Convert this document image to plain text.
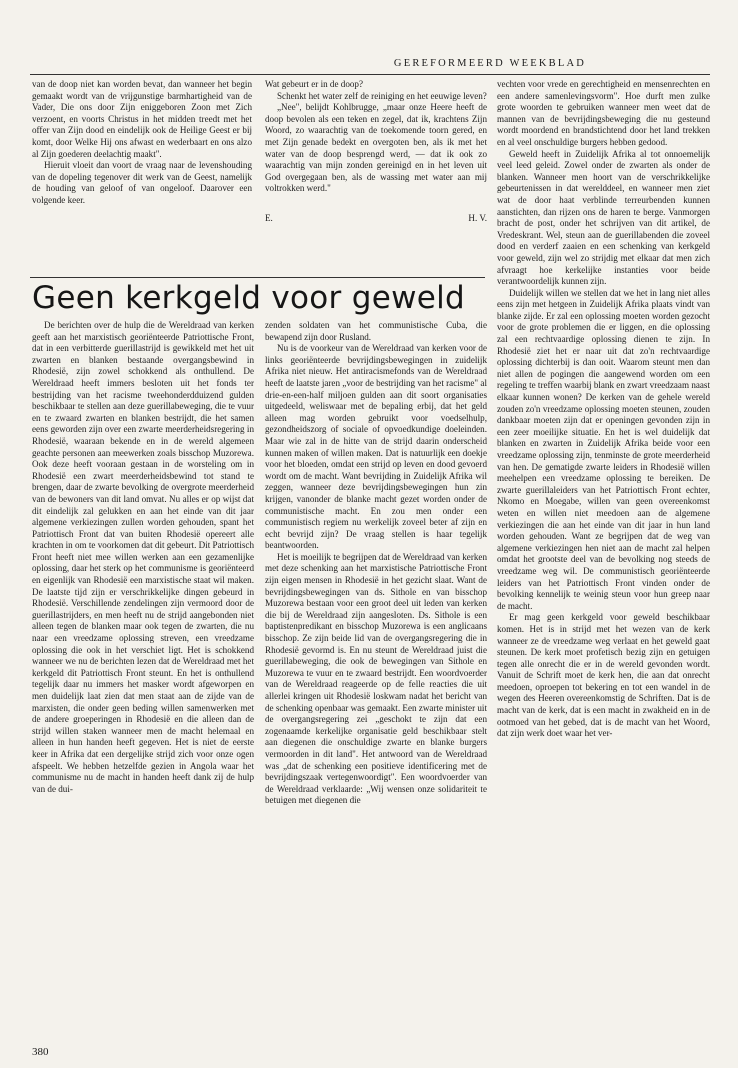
GEREFORMEERD WEEKBLAD

van de doop niet kan worden bevat, dan wanneer het begin gemaakt wordt van de vrijgunstige barmhartigheid van de Vader, Die ons door Zijn eniggeboren Zoon met Zich verzoent, en voorts Christus in het midden treedt met het offer van Zijn dood en eindelijk ook de Heilige Geest er bij komt, door Welke Hij ons afwast en wederbaart en ons alzo al Zijn goederen deelachtig maakt".

Hieruit vloeit dan voort de vraag naar de levenshouding van de dopeling tegenover dit werk van de Geest, namelijk de houding van geloof of van ongeloof. Daarover een volgende keer.

Wat gebeurt er in de doop?

Schenkt het water zelf de reiniging en het eeuwige leven?

„Nee", belijdt Kohlbrugge, „maar onze Heere heeft de doop bevolen als een teken en zegel, dat ik, krachtens Zijn Woord, zo waarachtig van de toekomende toorn gered, en met Zijn genade bedekt en overgoten ben, als ik met het water van de doop besprengd werd, — dat ik ook zo waarachtig van mijn zonden gereinigd en in het leven uit God overgegaan ben, als de wassing met water aan mij voltrokken werd."

E.	H. V.

Geen kerkgeld voor geweld

De berichten over de hulp die de Wereldraad van kerken geeft aan het marxistisch georiënteerde Patriottische Front, dat in een verbitterde guerillastrijd is gewikkeld met het uit zwarten en blanken bestaande overgangsbewind in Rhodesië, zijn zowel schokkend als onthullend. De Wereldraad heeft immers besloten uit het fonds ter bestrijding van het racisme tweehonderdduizend gulden beschikbaar te stellen aan deze guerillabeweging, die te vuur en te zwaard zwarten en blanken bestrijdt, die het samen eens geworden zijn over een zwarte meerderheidsregering in Rhodesië, waaraan bekende en in de wereld algemeen geachte personen aan meewerken zoals bisschop Muzorewa. Ook deze heeft vooraan gestaan in de worsteling om in Rhodesië een zwart meerderheidsbewind tot stand te brengen, daar de zwarte bevolking de overgrote meerderheid van de bewoners van dit land omvat. Nu alles er op wijst dat dit eindelijk zal gelukken en aan het einde van dit jaar algemene verkiezingen zullen worden gehouden, spant het Patriottisch Front dat van buiten Rhodesië opereert alle krachten in om te voorkomen dat dit gebeurt. Dit Patriottisch Front heeft niet mee willen werken aan een gezamenlijke oplossing, daar het sterk op het communisme is georiënteerd en eigenlijk van Rhodesië een marxistische staat wil maken. De laatste tijd zijn er verschrikkelijke dingen gebeurd in Rhodesië. Verschillende zendelingen zijn vermoord door de guerillastrijders, en men heeft nu de strijd aangebonden niet alleen tegen de blanken maar ook tegen de zwarten, die nu naar een vreedzame oplossing streven, een vreedzame oplossing die ook in het verschiet ligt. Het is schokkend wanneer we nu de berichten lezen dat de Wereldraad met het kerkgeld dit Patriottisch Front steunt. En het is onthullend tegelijk daar nu immers het masker wordt afgeworpen en men duidelijk laat zien dat men staat aan de zijde van de marxisten, die onder geen beding willen samenwerken met de andere groeperingen in Rhodesië en die alleen dan de strijd willen staken wanneer men de macht helemaal en alleen in hun handen heeft gegeven. Het is niet de eerste keer in Afrika dat een dergelijke strijd zich voor onze ogen afspeelt. We hebben hetzelfde gezien in Angola waar het communisme nu de macht in handen heeft dank zij de hulp van de dui-

zenden soldaten van het communistische Cuba, die bewapend zijn door Rusland.

Nu is de voorkeur van de Wereldraad van kerken voor de links georiënteerde bevrijdingsbewegingen in zuidelijk Afrika niet nieuw. Het antiracismefonds van de Wereldraad heeft de laatste jaren „voor de bestrijding van het racisme" al drie-en-een-half miljoen gulden aan dit soort organisaties uitgedeeld, weliswaar met de bepaling erbij, dat het geld alleen mag worden gebruikt voor voedselhulp, gezondheidszorg of sociale of opvoedkundige doeleinden. Maar wie zal in de hitte van de strijd daarin onderscheid kunnen maken of willen maken. Dat is natuurlijk een doekje voor het bloeden, omdat een strijd op leven en dood gevoerd wordt om de macht. Want bevrijding in Zuidelijk Afrika wil zeggen, wanneer deze bevrijdingsbewegingen hun zin krijgen, vanonder de blanke macht gezet worden onder de communistische macht. En zou men onder een communistisch regiem nu werkelijk zoveel beter af zijn en echt bevrijd zijn? De vraag stellen is haar tegelijk beantwoorden.

Het is moeilijk te begrijpen dat de Wereldraad van kerken met deze schenking aan het marxistische Patriottische Front zijn eigen mensen in Rhodesië in het gezicht slaat. Want de bevrijdingsbewegingen van ds. Sithole en van bisschop Muzorewa bestaan voor een groot deel uit leden van kerken die bij de Wereldraad zijn aangesloten. Ds. Sithole is een baptistenpredikant en bisschop Muzorewa is een anglicaans bisschop. Ze zijn beide lid van de overgangsregering die in Rhodesië gevormd is. En nu steunt de Wereldraad juist die guerillabeweging, die ook de bewegingen van Sithole en Muzorewa te vuur en te zwaard bestrijdt. Een woordvoerder van de Wereldraad reageerde op de felle reacties die uit allerlei kringen uit Rhodesië loskwam nadat het bericht van de schenking openbaar was gemaakt. Een zwarte minister uit de overgangsregering zei „geschokt te zijn dat een zogenaamde kerkelijke organisatie geld beschikbaar stelt aan diegenen die onschuldige zwarte en blanke burgers vermoorden in dit land". Het antwoord van de Wereldraad was „dat de schenking een positieve identificering met de bevrijdingszaak vertegenwoordigt". Een woordvoerder van de Wereldraad verklaarde: „Wij wensen onze solidariteit te betuigen met diegenen die

vechten voor vrede en gerechtigheid en mensenrechten en een andere samenlevingsvorm". Hoe durft men zulke grote woorden te gebruiken wanneer men weet dat de mannen van de bevrijdingsbeweging die nu gesteund wordt moordend en brandstichtend door het land trekken en al veel onschuldige burgers hebben gedood.

Geweld heeft in Zuidelijk Afrika al tot onnoemelijk veel leed geleid. Zowel onder de zwarten als onder de blanken. Wanneer men hoort van de verschrikkelijke gebeurtenissen in dat werelddeel, en wanneer men ziet wat de door haat verblinde terreurbenden kunnen aanstichten, dan rijzen ons de haren te berge. Vanmorgen bracht de post, onder het schrijven van dit artikel, de Vredeskrant. Wel, steun aan de guerillabenden die zoveel dood en verderf zaaien en een schenking van kerkgeld voor geweld, zijn wel zo strijdig met elkaar dat men zich afvraagt hoe kerkelijke instanties voor beide verantwoordelijk kunnen zijn.

Duidelijk willen we stellen dat we het in lang niet alles eens zijn met hetgeen in Zuidelijk Afrika plaats vindt van blanke zijde. Er zal een oplossing moeten worden gezocht voor de grote problemen die er liggen, en die oplossing zal een rechtvaardige oplossing dienen te zijn. In Rhodesië ziet het er naar uit dat zo'n rechtvaardige oplossing dichterbij is dan ooit. Waarom steunt men dan niet allen de pogingen die aangewend worden om een regeling te treffen waarbij blank en zwart vreedzaam naast elkaar kunnen wonen? De kerken van de gehele wereld zouden zo'n vreedzame oplossing moeten steunen, zouden dankbaar moeten zijn dat er openingen gevonden zijn in een zeer moeilijke situatie. En het is wel duidelijk dat blanken en zwarten in Zuidelijk Afrika beide voor een vreedzame oplossing zijn, tenminste de grote meerderheid van hen. De gematigde zwarte leiders in Rhodesië willen meehelpen een vreedzame oplossing te bereiken. De zwarte guerillaleiders van het Patriottisch Front echter, Nkomo en Moegabe, willen van geen overeenkomst weten en willen niet meedoen aan de algemene verkiezingen die aan het einde van dit jaar in hun land worden gehouden. Want ze begrijpen dat de weg van algemene verkiezingen hen niet aan de macht zal helpen omdat het grootste deel van de bevolking nog steeds de vreedzame weg wil. De communistisch georiënteerde leiders van het Patriottisch Front vinden onder de bevolking kennelijk te weinig steun voor hun greep naar de macht.

Er mag geen kerkgeld voor geweld beschikbaar komen. Het is in strijd met het wezen van de kerk wanneer ze de vreedzame weg verlaat en het geweld gaat steunen. De kerk moet profetisch bezig zijn en getuigen tegen alle onrecht die er in de wereld gevonden wordt. Vanuit de Schrift moet de kerk hen, die aan dat onrecht meedoen, oproepen tot bekering en tot een wandel in de wegen des Heeren overeenkomstig de Schriften. Dat is de macht van de kerk, dat is een macht in zwakheid en in de ootmoed van het gebed, dat is de macht van het Woord, dat zijn werk doet waar het ver-

380
